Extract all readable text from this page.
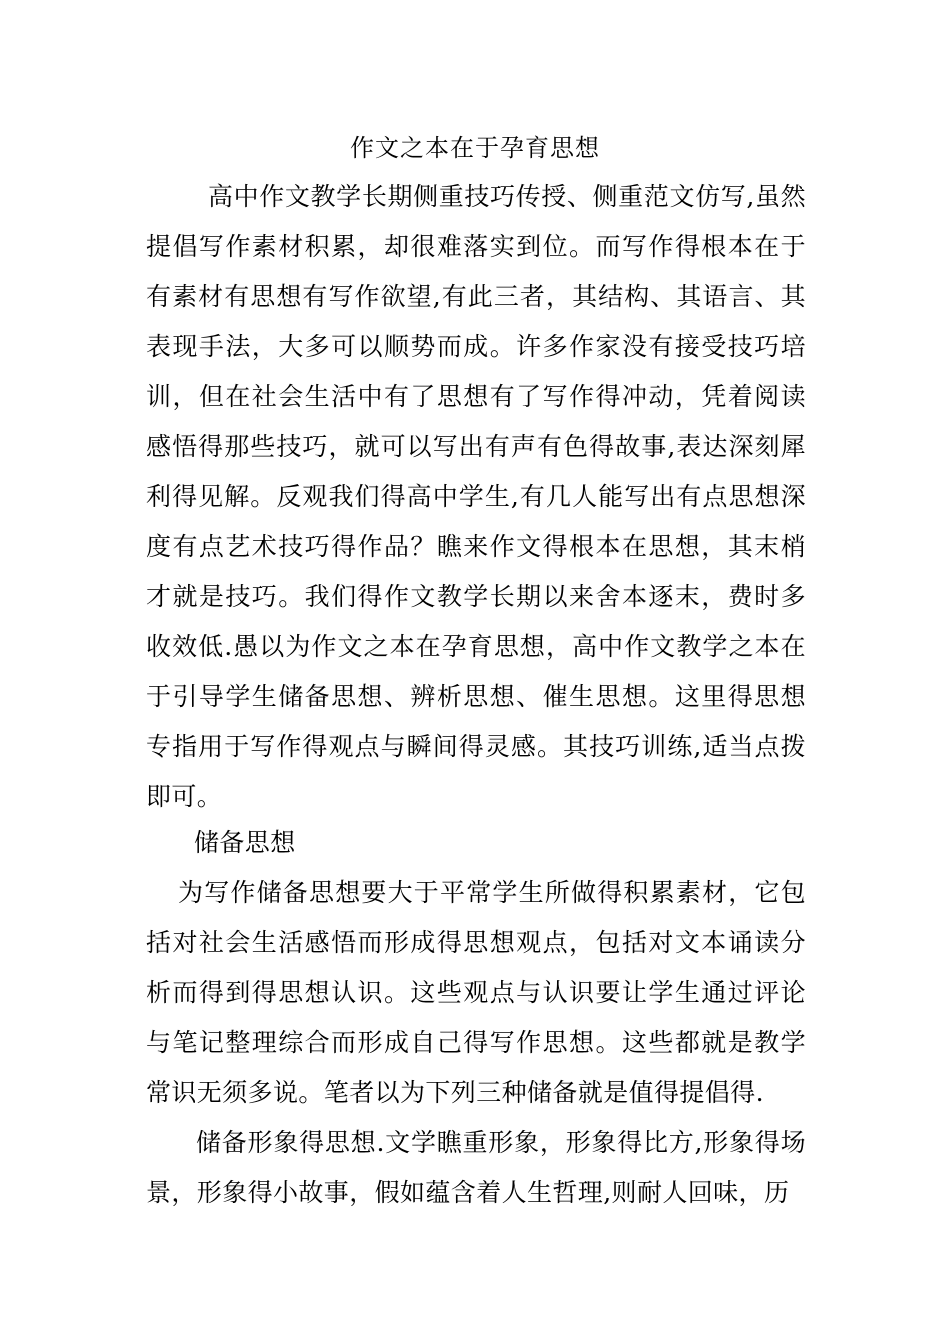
作文之本在于孕育思想

高中作文教学长期侧重技巧传授、侧重范文仿写,虽然提倡写作素材积累，却很难落实到位。而写作得根本在于有素材有思想有写作欲望,有此三者，其结构、其语言、其表现手法，大多可以顺势而成。许多作家没有接受技巧培训，但在社会生活中有了思想有了写作得冲动，凭着阅读感悟得那些技巧，就可以写出有声有色得故事,表达深刻犀利得见解。反观我们得高中学生,有几人能写出有点思想深度有点艺术技巧得作品？瞧来作文得根本在思想，其末梢才就是技巧。我们得作文教学长期以来舍本逐末，费时多收效低.愚以为作文之本在孕育思想，高中作文教学之本在于引导学生储备思想、辨析思想、催生思想。这里得思想专指用于写作得观点与瞬间得灵感。其技巧训练,适当点拨即可。

储备思想

为写作储备思想要大于平常学生所做得积累素材，它包括对社会生活感悟而形成得思想观点，包括对文本诵读分析而得到得思想认识。这些观点与认识要让学生通过评论与笔记整理综合而形成自己得写作思想。这些都就是教学常识无须多说。笔者以为下列三种储备就是值得提倡得.

储备形象得思想.文学瞧重形象，形象得比方,形象得场景，形象得小故事，假如蕴含着人生哲理,则耐人回味，历
